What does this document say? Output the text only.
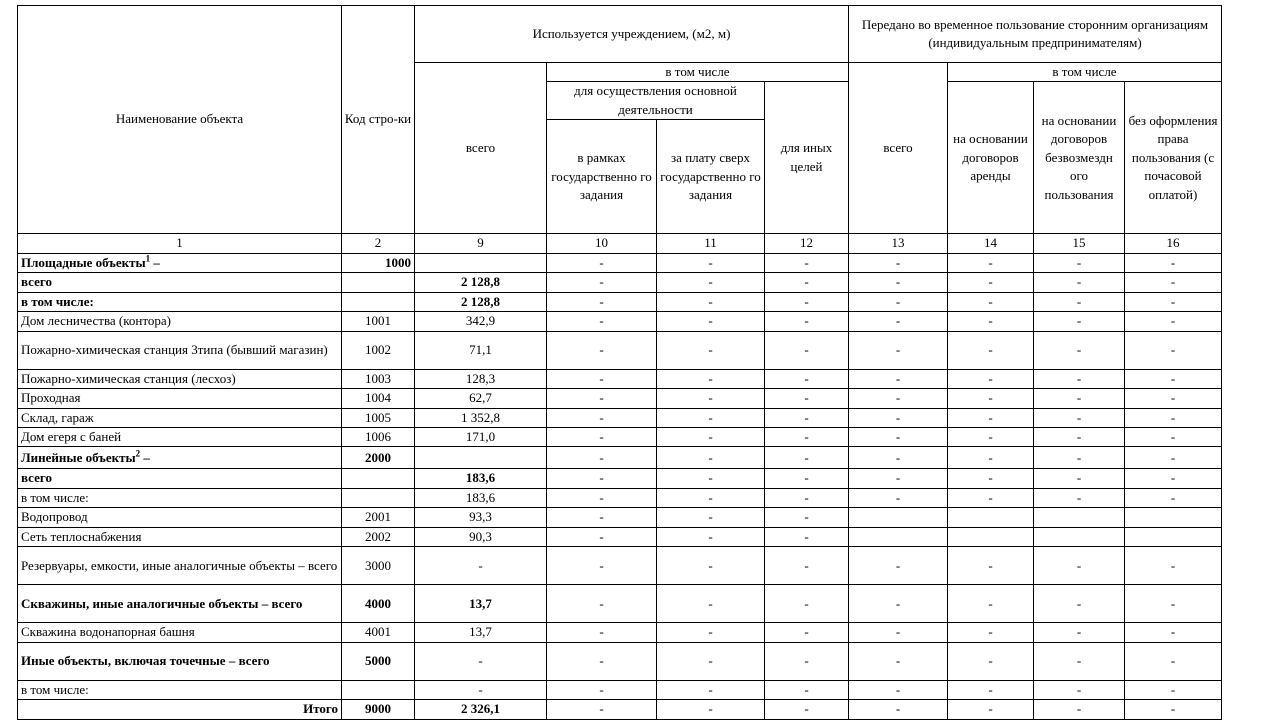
Наименование объекта	Код стро-ки	Используется учреждением, (м2, м)				Передано во временное пользование сторонним организациям (индивидуальным предпринимателям)			
		всего	в том числе			всего	в том числе		
			для осуществления основной деятельности		для иных целей		на основании договоров аренды	на основании договоров безвозмездн ого пользования	без оформления права пользования (с почасовой оплатой)
			в рамках государственно го задания	за плату сверх государственно го задания					
1	2	9	10	11	12	13	14	15	16
Площадные объекты$^1$ –	1000		-	-	-	-	-	-	-
всего		2 128,8	-	-	-	-	-	-	-
в том числе:		2 128,8	-	-	-	-	-	-	-
Дом лесничества (конторa)	1001	342,9	-	-	-	-	-	-	-
Пожарно-химическая станция 3типа (бывший магазин)	1002	71,1	-	-	-	-	-	-	-
Пожарно-химическая станция (лесхоз)	1003	128,3	-	-	-	-	-	-	-
Проходная	1004	62,7	-	-	-	-	-	-	-
Склад, гараж	1005	1 352,8	-	-	-	-	-	-	-
Дом егеря с баней	1006	171,0	-	-	-	-	-	-	-
Линейные объекты$^2$ –	2000		-	-	-	-	-	-	-
всего		183,6	-	-	-	-	-	-	-
в том числе:		183,6	-	-	-	-	-	-	-
Водопровод	2001	93,3	-	-	-				
Сеть теплоснабжения	2002	90,3	-	-	-				
Резервуары, емкости, иные аналогичные объекты – всего	3000	-	-	-	-	-	-	-	-
Скважины, иные аналогичные объекты – всего	4000	13,7	-	-	-	-	-	-	-
Скважина водонапорная башня	4001	13,7	-	-	-	-	-	-	-
Иные объекты, включая точечные – всего	5000	-	-	-	-	-	-	-	-
в том числе:		-	-	-	-	-	-	-	-
Итого	9000	2 326,1	-	-	-	-	-	-	-
